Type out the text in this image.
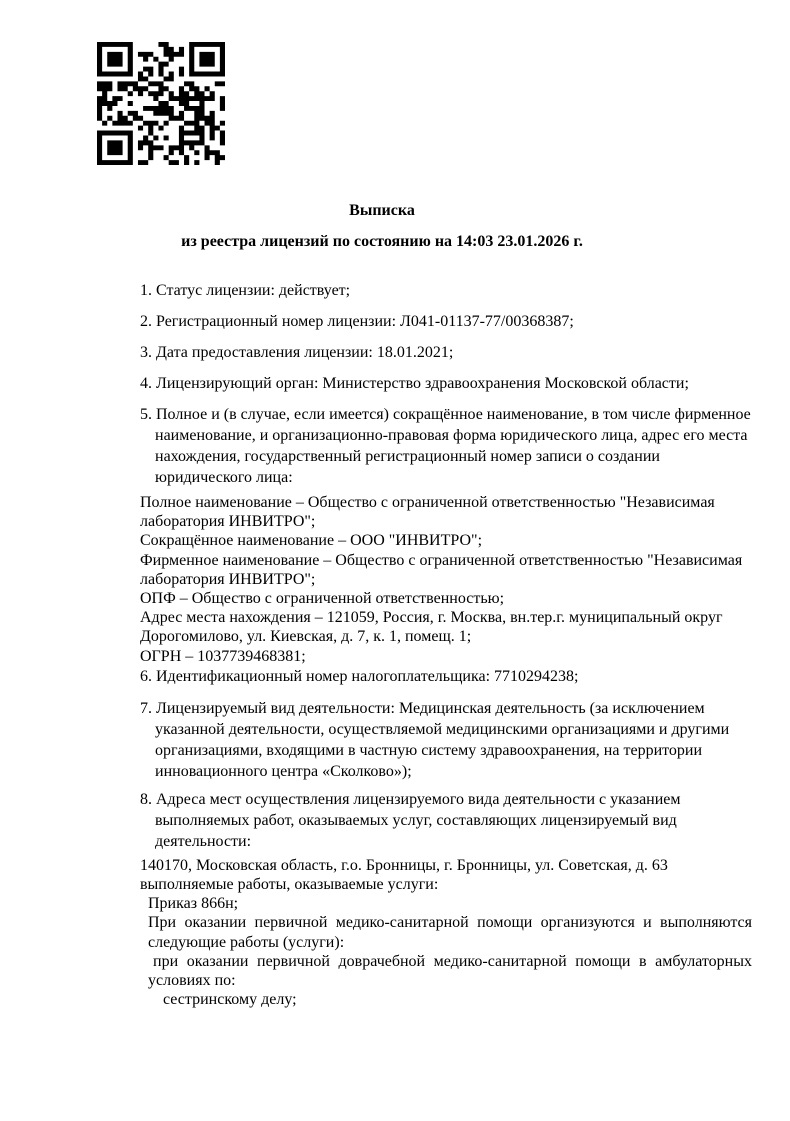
Выписка
из реестра лицензий по состоянию на 14:03 23.01.2026 г.

1. Статус лицензии: действует;

2. Регистрационный номер лицензии: Л041-01137-77/00368387;

3. Дата предоставления лицензии: 18.01.2021;

4. Лицензирующий орган: Министерство здравоохранения Московской области;

5. Полное и (в случае, если имеется) сокращённое наименование, в том числе фирменное наименование, и организационно-правовая форма юридического лица, адрес его места нахождения, государственный регистрационный номер записи о создании юридического лица:

Полное наименование – Общество с ограниченной ответственностью "Независимая лаборатория ИНВИТРО";
Сокращённое наименование – ООО "ИНВИТРО";
Фирменное наименование – Общество с ограниченной ответственностью "Независимая лаборатория ИНВИТРО";
ОПФ – Общество с ограниченной ответственностью;
Адрес места нахождения – 121059, Россия, г. Москва, вн.тер.г. муниципальный округ Дорогомилово, ул. Киевская, д. 7, к. 1, помещ. 1;
ОГРН – 1037739468381;

6. Идентификационный номер налогоплательщика: 7710294238;

7. Лицензируемый вид деятельности: Медицинская деятельность (за исключением указанной деятельности, осуществляемой медицинскими организациями и другими организациями, входящими в частную систему здравоохранения, на территории инновационного центра «Сколково»);

8. Адреса мест осуществления лицензируемого вида деятельности с указанием выполняемых работ, оказываемых услуг, составляющих лицензируемый вид деятельности:

140170, Московская область, г.о. Бронницы, г. Бронницы, ул. Советская, д. 63
выполняемые работы, оказываемые услуги:
Приказ 866н;
При оказании первичной медико-санитарной помощи организуются и выполняются следующие работы (услуги):
при оказании первичной доврачебной медико-санитарной помощи в амбулаторных условиях по:
сестринскому делу;
